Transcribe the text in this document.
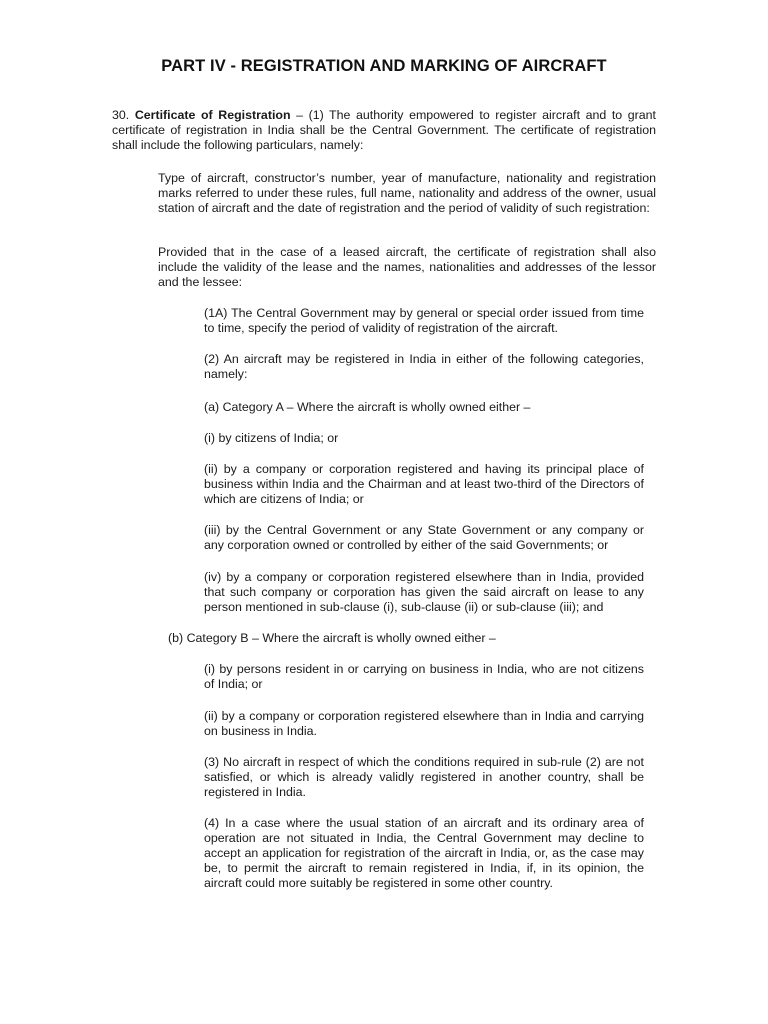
PART IV - REGISTRATION AND MARKING OF AIRCRAFT

30. Certificate of Registration – (1) The authority empowered to register aircraft and to grant certificate of registration in India shall be the Central Government. The certificate of registration shall include the following particulars, namely:

Type of aircraft, constructor’s number, year of manufacture, nationality and registration marks referred to under these rules, full name, nationality and address of the owner, usual station of aircraft and the date of registration and the period of validity of such registration:

Provided that in the case of a leased aircraft, the certificate of registration shall also include the validity of the lease and the names, nationalities and addresses of the lessor and the lessee:

(1A) The Central Government may by general or special order issued from time to time, specify the period of validity of registration of the aircraft.

(2) An aircraft may be registered in India in either of the following categories, namely:

(a) Category A – Where the aircraft is wholly owned either –

(i) by citizens of India; or

(ii) by a company or corporation registered and having its principal place of business within India and the Chairman and at least two-third of the Directors of which are citizens of India; or

(iii) by the Central Government or any State Government or any company or any corporation owned or controlled by either of the said Governments; or

(iv) by a company or corporation registered elsewhere than in India, provided that such company or corporation has given the said aircraft on lease to any person mentioned in sub-clause (i), sub-clause (ii) or sub-clause (iii); and

(b) Category B – Where the aircraft is wholly owned either –

(i) by persons resident in or carrying on business in India, who are not citizens of India; or

(ii) by a company or corporation registered elsewhere than in India and carrying on business in India.

(3) No aircraft in respect of which the conditions required in sub-rule (2) are not satisfied, or which is already validly registered in another country, shall be registered in India.

(4) In a case where the usual station of an aircraft and its ordinary area of operation are not situated in India, the Central Government may decline to accept an application for registration of the aircraft in India, or, as the case may be, to permit the aircraft to remain registered in India, if, in its opinion, the aircraft could more suitably be registered in some other country.
